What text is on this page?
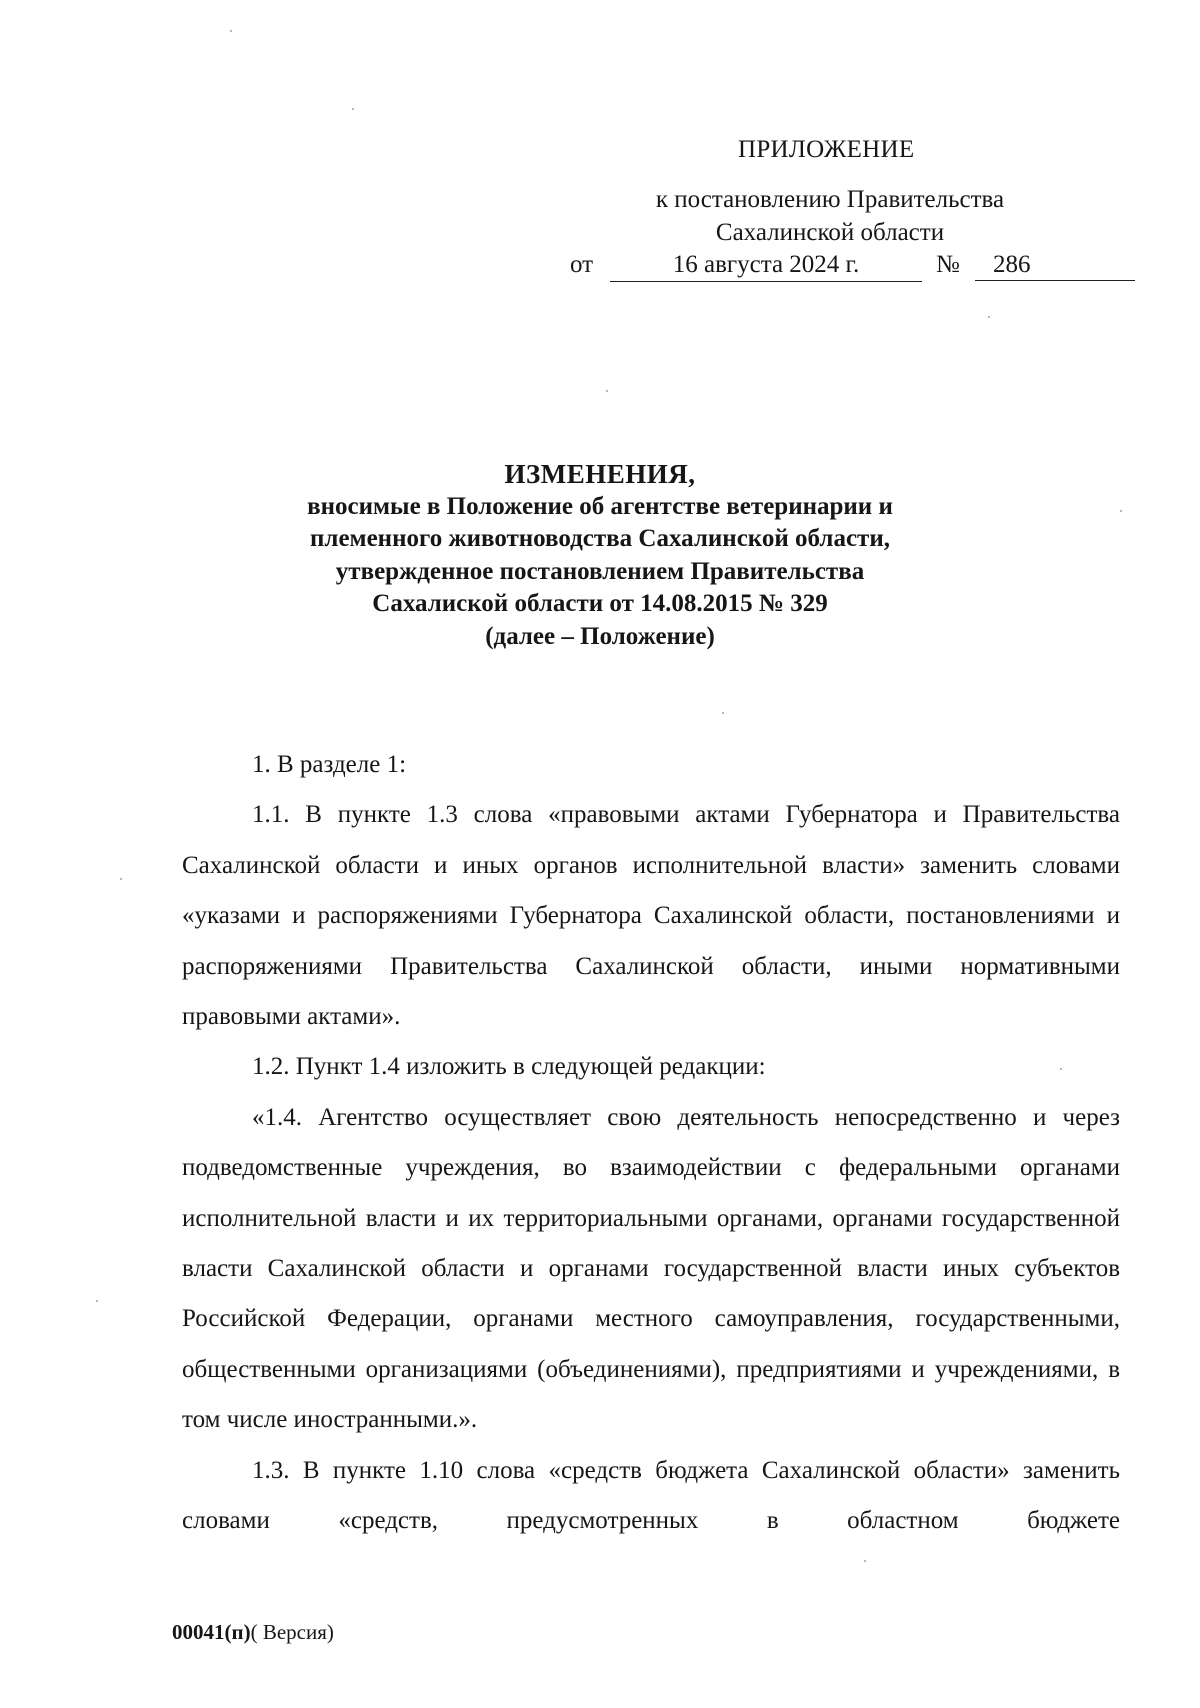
ПРИЛОЖЕНИЕ
к постановлению Правительства
Сахалинской области
от	16 августа 2024 г.	№	286
ИЗМЕНЕНИЯ,
вносимые в Положение об агентстве ветеринарии и
племенного животноводства Сахалинской области,
утвержденное постановлением Правительства
Сахалиской области от 14.08.2015 № 329
(далее – Положение)

1. В разделе 1:

1.1. В пункте 1.3 слова «правовыми актами Губернатора и Правительства Сахалинской области и иных органов исполнительной власти» заменить словами «указами и распоряжениями Губернатора Сахалинской области, постановлениями и распоряжениями Правительства Сахалинской области, иными нормативными правовыми актами».

1.2. Пункт 1.4 изложить в следующей редакции:

«1.4. Агентство осуществляет свою деятельность непосредственно и через подведомственные учреждения, во взаимодействии с федеральными органами исполнительной власти и их территориальными органами, органами государственной власти Сахалинской области и органами государственной власти иных субъектов Российской Федерации, органами местного самоуправления, государственными, общественными организациями (объединениями), предприятиями и учреждениями, в том числе иностранными.».

1.3. В пункте 1.10 слова «средств бюджета Сахалинской области» заменить словами «средств, предусмотренных в областном бюджете

00041(п)( Версия)
